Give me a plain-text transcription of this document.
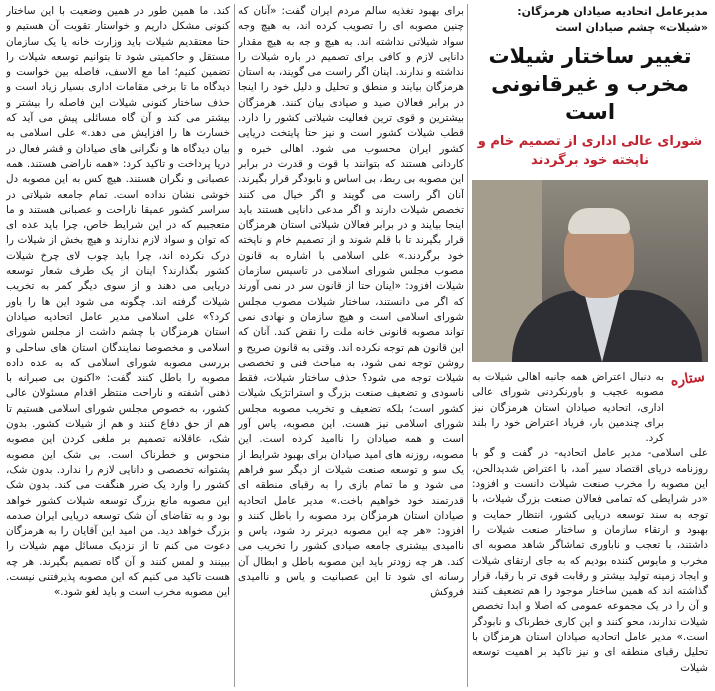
مدیرعامل اتحادیه صیادان هرمزگان: «شیلات» چشم صیادان است
تغییر ساختار شیلات مخرب و غیرقانونی است
شورای عالی اداری از تصمیم خام و ناپخته خود برگردند
ستاره

به دنبال اعتراض همه جانبه اهالی شیلات به مصوبه عجیب و باورنکردنی شورای عالی اداری، اتحادیه صیادان استان هرمزگان نیز برای چندمین بار، فریاد اعتراض خود را بلند کرد.

علی اسلامی- مدیر عامل اتحادیه- در گفت و گو با روزنامه دریای اقتصاد سیر آمد، با اعتراض شدیدالحن، این مصوبه را مخرب صنعت شیلات دانست و افزود: «در شرایطی که تمامی فعالان صنعت بزرگ شیلات، با توجه به سند توسعه دریایی کشور، انتظار حمایت و بهبود و ارتقاء سازمان و ساختار صنعت شیلات را داشتند، با تعجب و ناباوری تماشاگر شاهد مصوبه ای مخرب و مایوس کننده بودیم که به جای ارتقای شیلات و ایجاد زمینه تولید بیشتر و رقابت قوی تر با رقبا، قرار گذاشته اند که همین ساختار موجود را هم تضعیف کنند و آن را در یک مجموعه عمومی که اصلا و ابدا تخصص شیلات ندارند، محو کنند و این کاری خطرناک و نابودگر است.» مدیر عامل اتحادیه صیادان استان هرمزگان با تحلیل رقبای منطقه ای و نیز تاکید بر اهمیت توسعه شیلات

برای بهبود تغذیه سالم مردم ایران گفت: «آنان که چنین مصوبه ای را تصویب کرده اند، به هیچ وجه سواد شیلاتی نداشته اند. به هیچ و جه به هیچ مقدار دانایی لازم و کافی برای تصمیم در باره شیلات را نداشته و ندارند. اینان اگر راست می گویند، به استان هرمزگان بیایند و منطق و تحلیل و دلیل خود را اینجا در برابر فعالان صید و صیادی بیان کنند. هرمزگان بیشترین و قوی ترین فعالیت شیلاتی کشور را دارد. قطب شیلات کشور است و نیز حتا پایتخت دریایی کشور ایران محسوب می شود. اهالی خبره و کاردانی هستند که بتوانند با قوت و قدرت در برابر این مصوبه بی ربط، بی اساس و نابودگر قرار بگیرند. آنان اگر راست می گویند و اگر خیال می کنند تخصص شیلات دارند و اگر مدعی دانایی هستند باید اینجا بیایند و در برابر فعالان شیلاتی استان هرمزگان قرار بگیرند تا با قلم شوند و از تصمیم خام و ناپخته خود برگردند.» علی اسلامی با اشاره به قانون مصوب مجلس شورای اسلامی در تاسیس سازمان شیلات افزود: «اینان حتا از قانون سر در نمی آورند که اگر می دانستند، ساختار شیلات مصوب مجلس شورای اسلامی است و هیچ سازمان و نهادی نمی تواند مصوبه قانونی خانه ملت را نقض کند. آنان که این قانون هم توجه نکرده اند. وقتی به قانون صریح و روشن توجه نمی شود، به مباحث فنی و تخصصی شیلات توجه می شود؟ حذف ساختار شیلات، فقط ناسودی و تضعیف صنعت بزرگ و استراتژیک شیلات کشور است؛ بلکه تضعیف و تخریب مصوبه مجلس شورای اسلامی نیز هست. این مصوبه، یاس آور است و همه صیادان را ناامید کرده است. این مصوبه، روزنه های امید صیادان برای بهبود شرایط از یک سو و توسعه صنعت شیلات از دیگر سو فراهم می شود و ما تمام بازی را به رقبای منطقه ای قدرتمند خود خواهیم باخت.» مدیر عامل اتحادیه صیادان استان هرمزگان برد مصوبه را باطل کنند و افزود: «هر چه این مصوبه دیرتر رد شود، یاس و ناامیدی بیشتری جامعه صیادی کشور را تخریب می کند. هر چه زودتر باید این مصوبه باطل و ابطال آن رسانه ای شود تا این عصبانیت و یاس و ناامیدی فروکش

کند. ما همین طور در همین وضعیت با این ساختار کنونی مشکل داریم و خواستار تقویت آن هستیم و حتا معتقدیم شیلات باید وزارت خانه یا یک سازمان مستقل و حاکمیتی شود تا بتوانیم توسعه شیلات را تضمین کنیم؛ اما مع الاسف، فاصله بین خواست و دیدگاه ما تا برخی مقامات اداری بسیار زیاد است و حذف ساختار کنونی شیلات این فاصله را بیشتر و بیشتر می کند و آن گاه مسائلی پیش می آید که خسارت ها را افزایش می دهد.» علی اسلامی به بیان دیدگاه ها و نگرانی های صیادان و قشر فعال در دریا پرداخت و تاکید کرد: «همه ناراضی هستند. همه عصبانی و نگران هستند. هیچ کس به این مصوبه دل خوشی نشان نداده است. تمام جامعه شیلاتی در سراسر کشور عمیقا ناراحت و عصبانی هستند و ما متعجبیم که در این شرایط خاص، چرا باید عده ای که توان و سواد لازم ندارند و هیچ بخش از شیلات را درک نکرده اند، چرا باید چوب لای چرخ شیلات کشور بگذارند؟ اینان از یک طرف شعار توسعه دریایی می دهند و از سوی دیگر کمر به تخریب شیلات گرفته اند. چگونه می شود این ها را باور کرد؟» علی اسلامی مدیر عامل اتحادیه صیادان استان هرمزگان با چشم داشت از مجلس شورای اسلامی و مخصوصا نمایندگان استان های ساحلی و بررسی مصوبه شورای اسلامی که به عده داده مصوبه را باطل کنند گفت: «اکنون بی صبرانه با ذهنی آشفته و ناراحت منتظر اقدام مسئولان عالی کشور، به خصوص مجلس شورای اسلامی هستیم تا هم از حق دفاع کنند و هم از شیلات کشور. بدون شک، عاقلانه تصمیم بر ملغی کردن این مصوبه منحوس و خطرناک است. بی شک این مصوبه پشتوانه تخصصی و دانایی لازم را ندارد. بدون شک، کشور را وارد یک ضرر هنگفت می کند. بدون شک این مصوبه مانع بزرگ توسعه شیلات کشور خواهد بود و به تقاضای آن شک توسعه دریایی ایران صدمه بزرگ خواهد دید. من امید این آقایان را به هرمزگان دعوت می کنم تا از نزدیک مسائل مهم شیلات را ببینند و لمس کنند و آن گاه تصمیم بگیرند. هر چه هست تاکید می کنیم که این مصوبه پذیرفتنی نیست. این مصوبه مخرب است و باید لغو شود.»
